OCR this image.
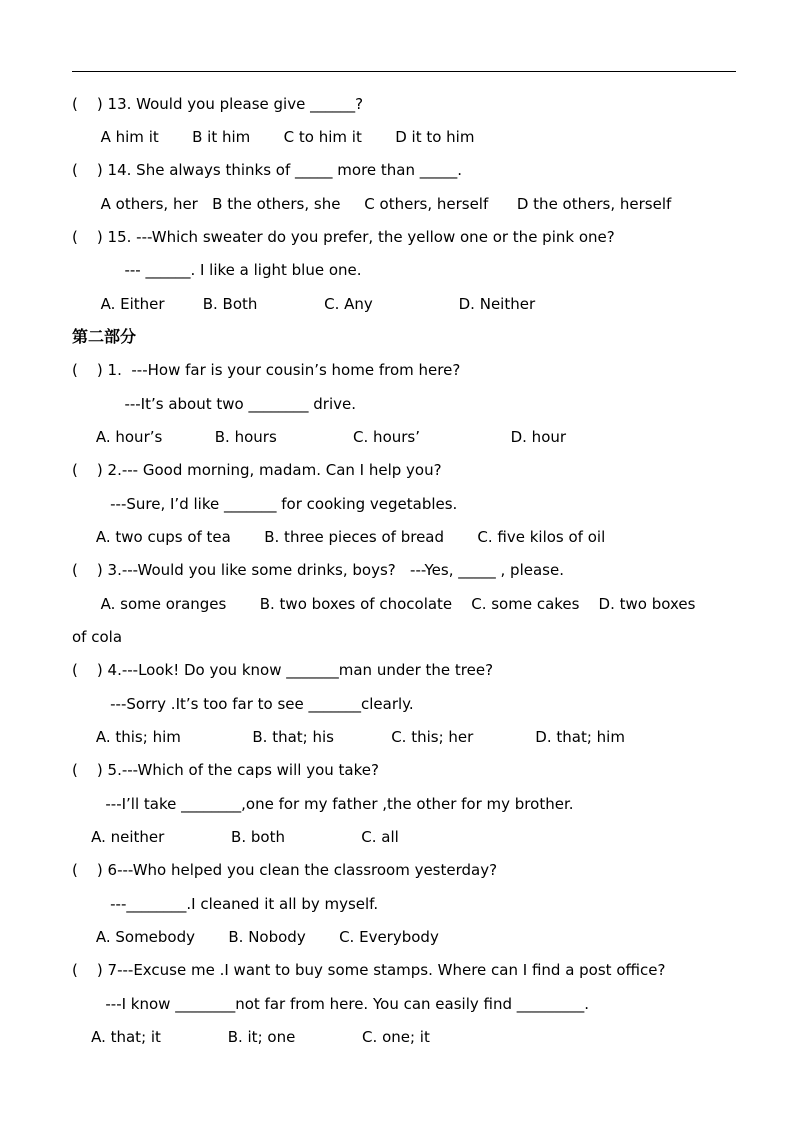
(    ) 13. Would you please give ______?
A him it       B it him       C to him it       D it to him
(    ) 14. She always thinks of _____ more than _____.
A others, her   B the others, she     C others, herself      D the others, herself
(    ) 15. ---Which sweater do you prefer, the yellow one or the pink one?
--- ______. I like a light blue one.
A. Either        B. Both              C. Any                  D. Neither
第二部分
(    ) 1.  ---How far is your cousin’s home from here?
---It’s about two ________ drive.
A. hour’s           B. hours                C. hours’                   D. hour
(    ) 2.--- Good morning, madam. Can I help you?
---Sure, I’d like _______ for cooking vegetables.
A. two cups of tea       B. three pieces of bread       C. five kilos of oil
(    ) 3.---Would you like some drinks, boys?   ---Yes, _____ , please.
A. some oranges       B. two boxes of chocolate    C. some cakes    D. two boxes
of cola
(    ) 4.---Look! Do you know _______man under the tree?
---Sorry .It’s too far to see _______clearly.
A. this; him               B. that; his            C. this; her             D. that; him
(    ) 5.---Which of the caps will you take?
---I’ll take ________,one for my father ,the other for my brother.
A. neither              B. both                C. all
(    ) 6---Who helped you clean the classroom yesterday?
---________.I cleaned it all by myself.
A. Somebody       B. Nobody       C. Everybody
(    ) 7---Excuse me .I want to buy some stamps. Where can I find a post office?
---I know ________not far from here. You can easily find _________.
A. that; it              B. it; one              C. one; it
